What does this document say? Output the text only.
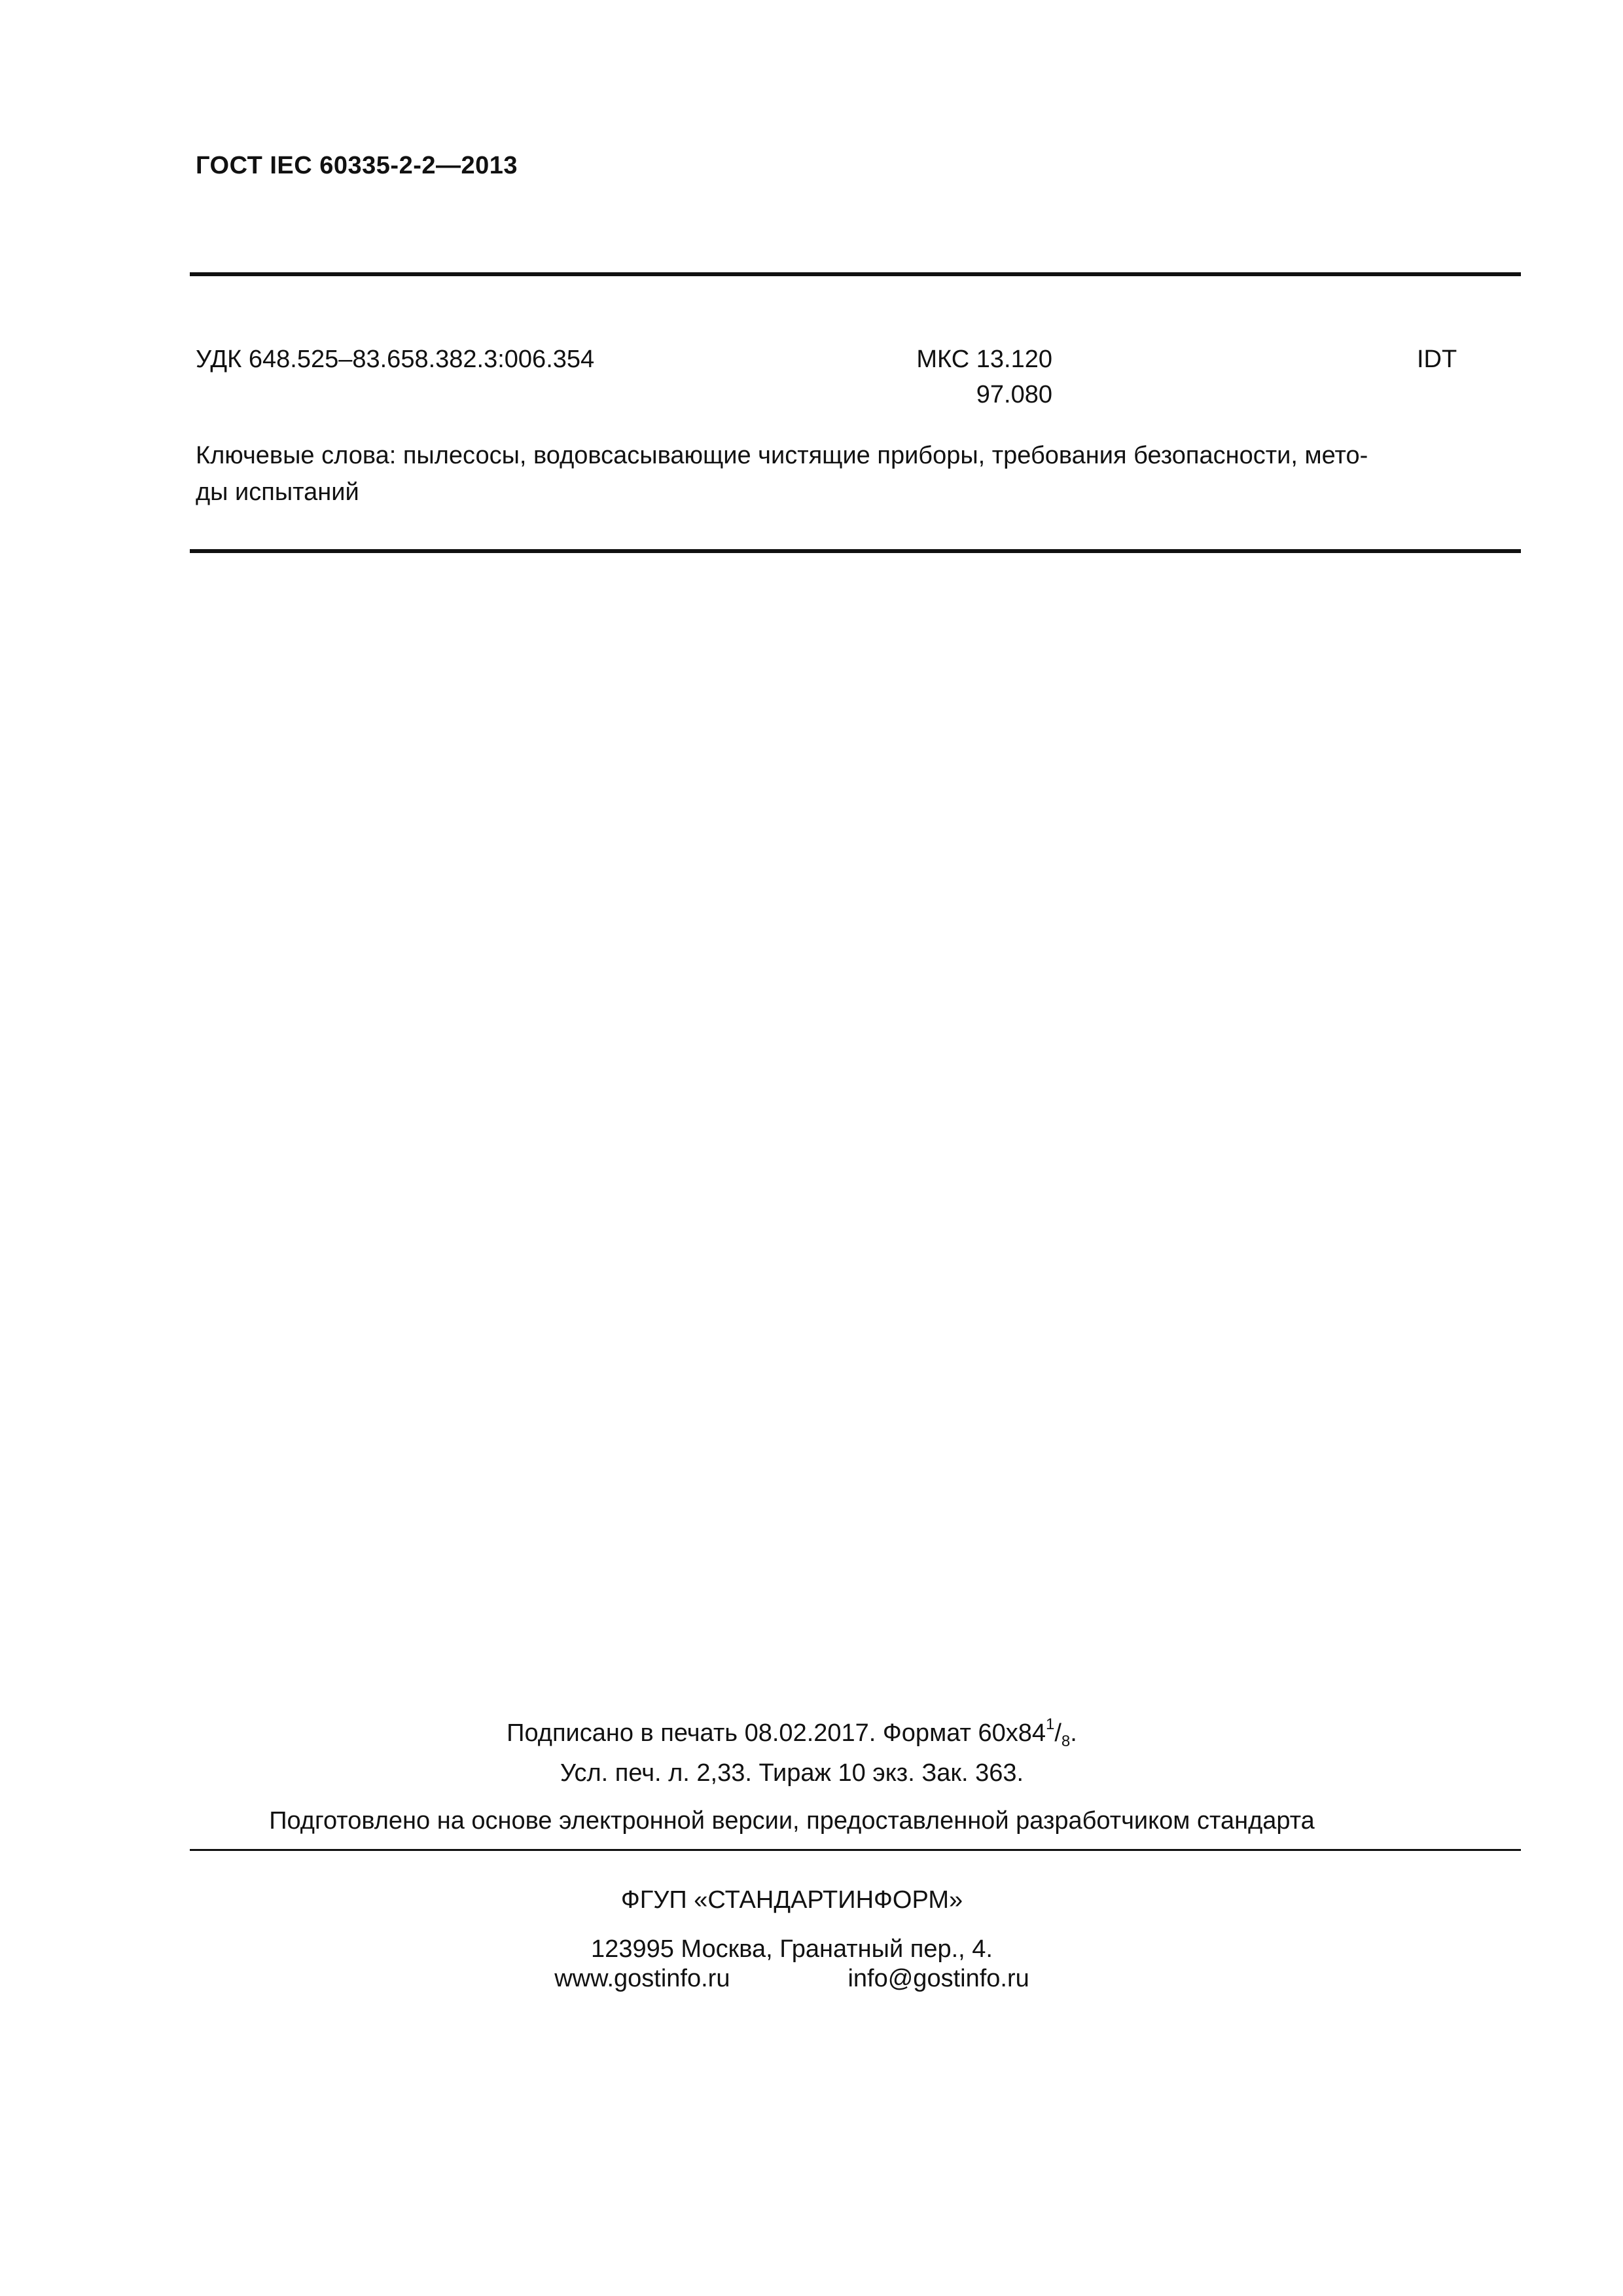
ГОСТ IEC 60335-2-2—2013
УДК 648.525–83.658.382.3:006.354	МКС 13.120
97.080
IDT
Ключевые слова: пылесосы, водовсасывающие чистящие приборы, требования безопасности, мето-
ды испытаний
Подписано в печать 08.02.2017. Формат $60x84^1/_8$.
Усл. печ. л. 2,33. Тираж 10 экз. Зак. 363.
Подготовлено на основе электронной версии, предоставленной разработчиком стандарта
ФГУП «СТАНДАРТИНФОРМ»
123995 Москва, Гранатный пер., 4.
www.gostinfo.ru	info@gostinfo.ru
